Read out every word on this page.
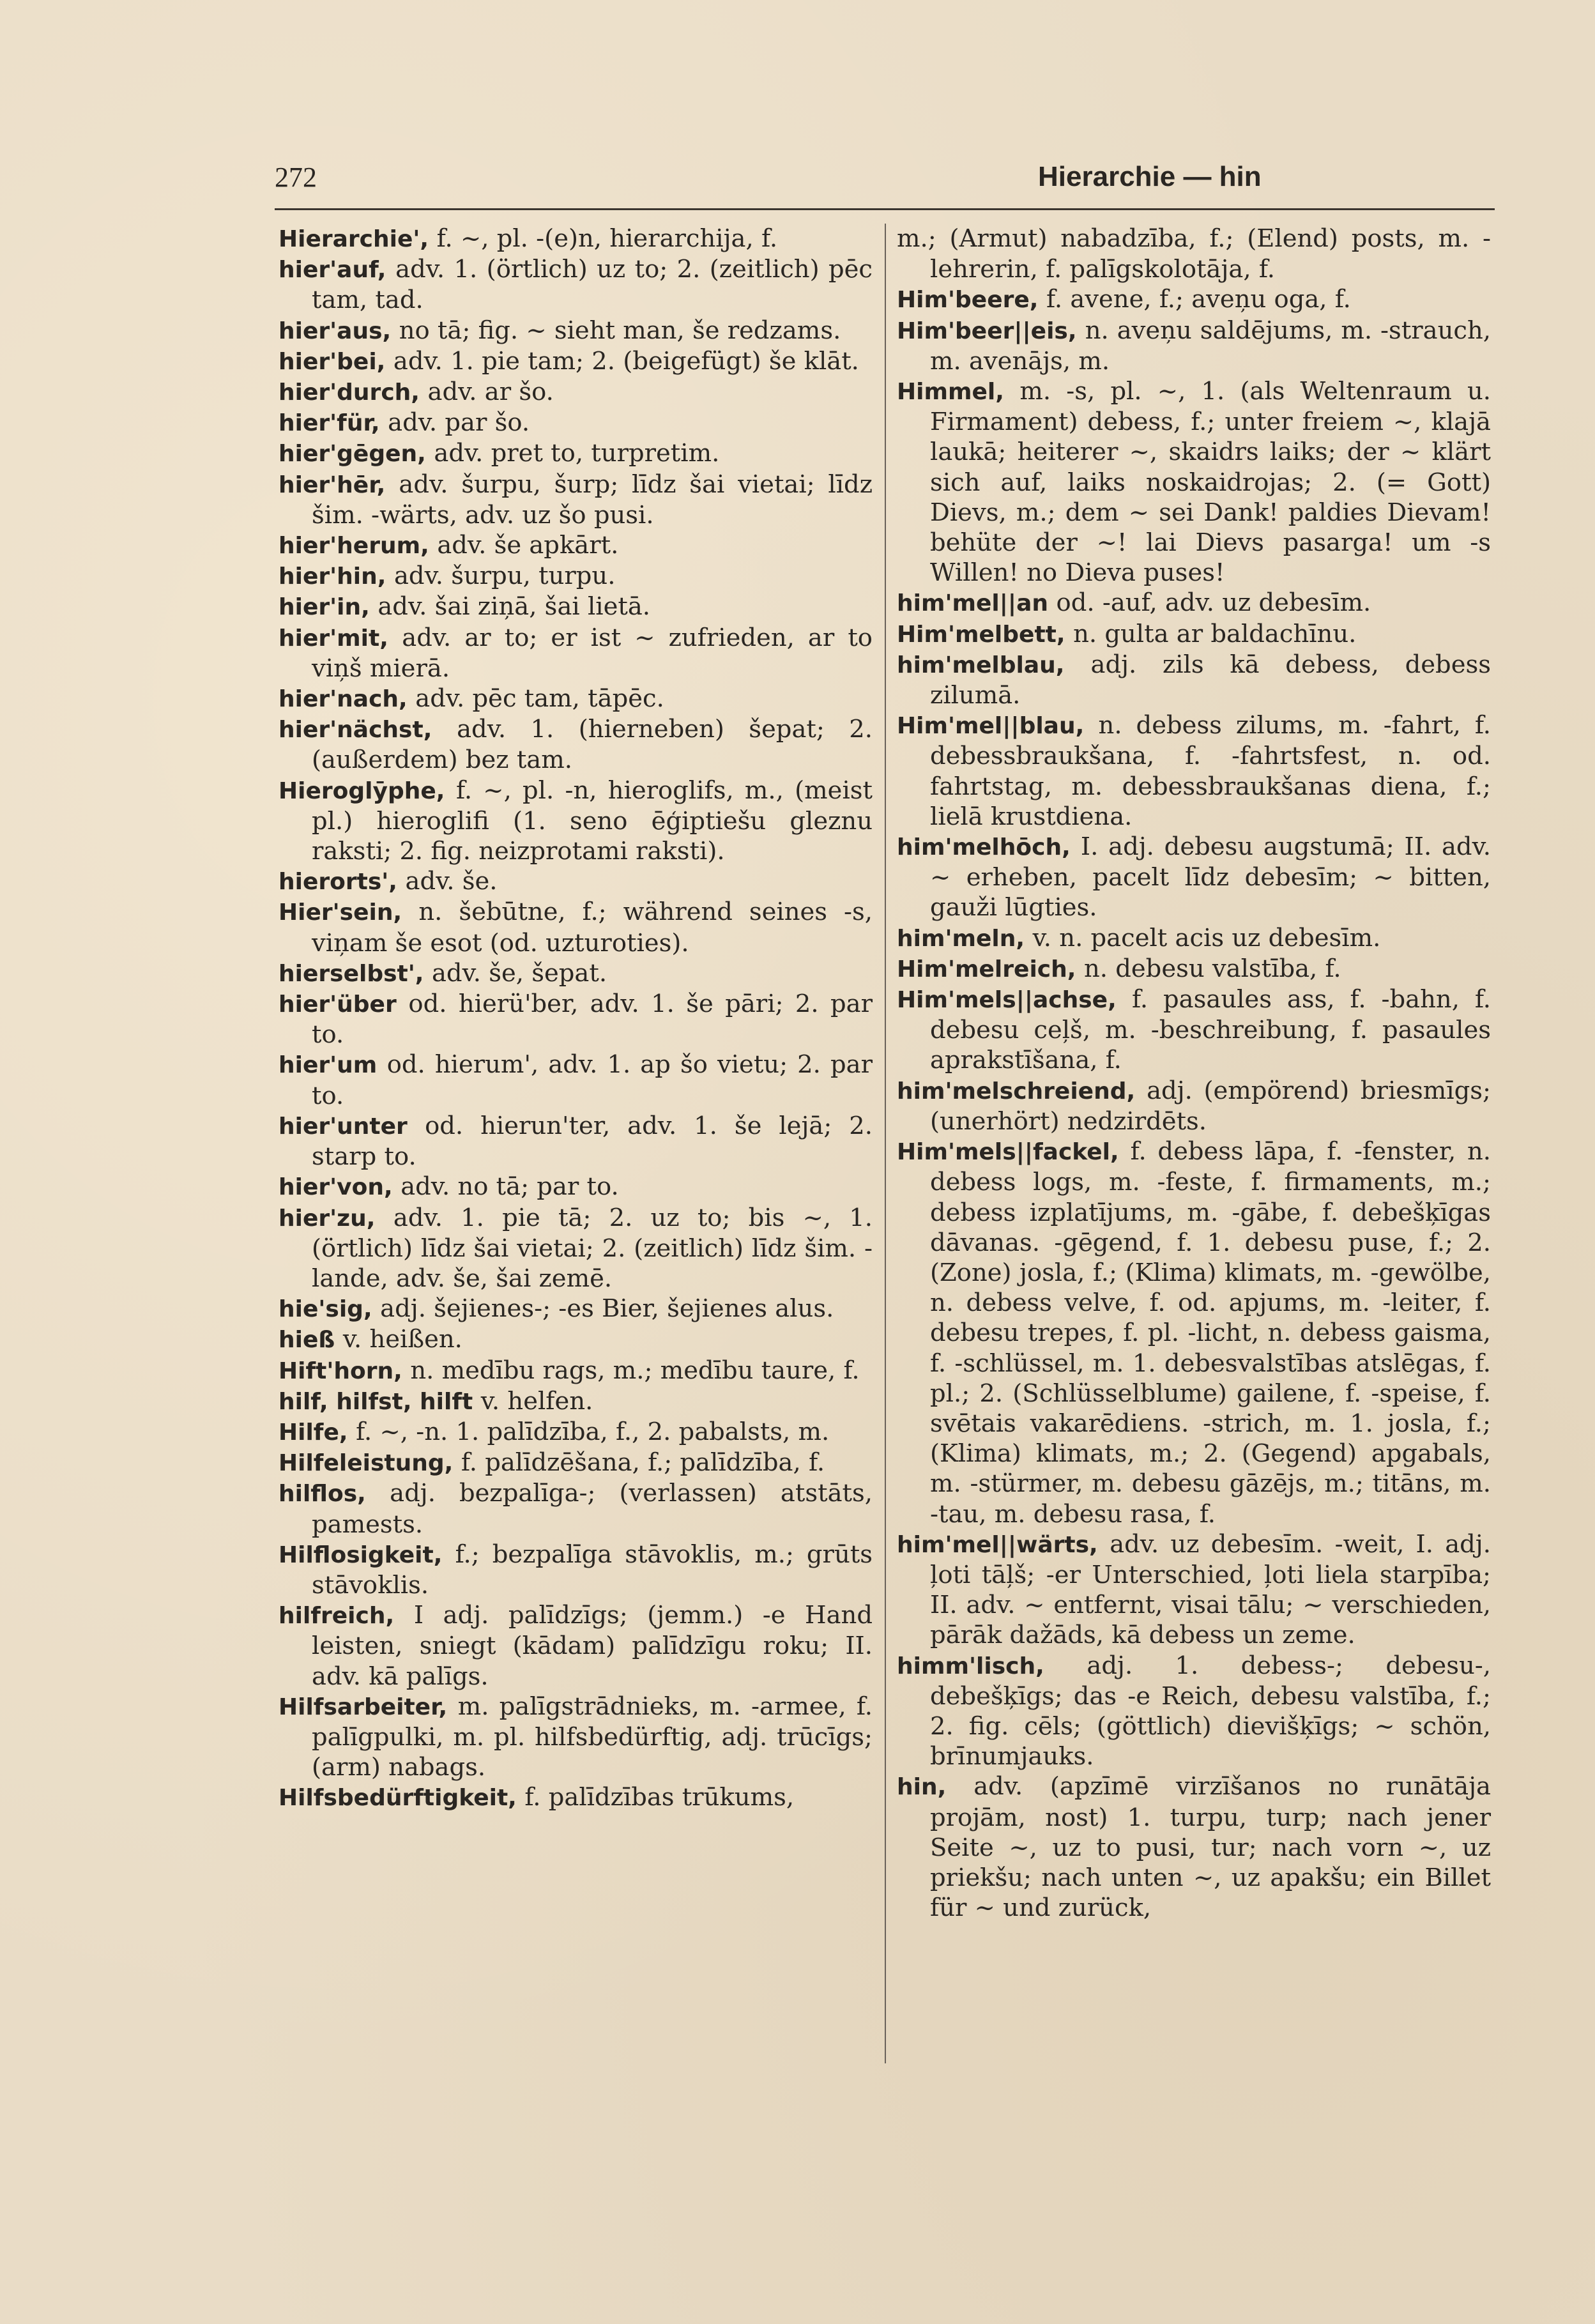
272	Hierarchie — hin
Hierarchie', f. ~, pl. -(e)n, hierarchija, f.
hier'auf, adv. 1. (örtlich) uz to; 2. (zeitlich) pēc tam, tad.
hier'aus, no tā; fig. ~ sieht man, še redzams.
hier'bei, adv. 1. pie tam; 2. (beigefügt) še klāt.
hier'durch, adv. ar šo.
hier'für, adv. par šo.
hier'gēgen, adv. pret to, turpretim.
hier'hēr, adv. šurpu, šurp; līdz šai vietai; līdz šim. -wärts, adv. uz šo pusi.
hier'herum, adv. še apkārt.
hier'hin, adv. šurpu, turpu.
hier'in, adv. šai ziņā, šai lietā.
hier'mit, adv. ar to; er ist ~ zufrieden, ar to viņš mierā.
hier'nach, adv. pēc tam, tāpēc.
hier'nächst, adv. 1. (hierneben) šepat; 2. (außerdem) bez tam.
Hieroglȳphe, f. ~, pl. -n, hieroglifs, m., (meist pl.) hieroglifi (1. seno ēģiptiešu gleznu raksti; 2. fig. neizprotami raksti).
hierorts', adv. še.
Hier'sein, n. šebūtne, f.; während seines -s, viņam še esot (od. uzturoties).
hierselbst', adv. še, šepat.
hier'über od. hierü'ber, adv. 1. še pāri; 2. par to.
hier'um od. hierum', adv. 1. ap šo vietu; 2. par to.
hier'unter od. hierun'ter, adv. 1. še lejā; 2. starp to.
hier'von, adv. no tā; par to.
hier'zu, adv. 1. pie tā; 2. uz to; bis ~, 1. (örtlich) līdz šai vietai; 2. (zeitlich) līdz šim. -lande, adv. še, šai zemē.
hie'sig, adj. šejienes-; -es Bier, šejienes alus.
hieß v. heißen.
Hift'horn, n. medību rags, m.; medību taure, f.
hilf, hilfst, hilft v. helfen.
Hilfe, f. ~, -n. 1. palīdzība, f., 2. pabalsts, m.
Hilfeleistung, f. palīdzēšana, f.; palīdzība, f.
hilflos, adj. bezpalīga-; (verlassen) atstāts, pamests.
Hilflosigkeit, f.; bezpalīga stāvoklis, m.; grūts stāvoklis.
hilfreich, I adj. palīdzīgs; (jemm.) -e Hand leisten, sniegt (kādam) palīdzīgu roku; II. adv. kā palīgs.
Hilfsarbeiter, m. palīgstrādnieks, m. -armee, f. palīgpulki, m. pl. hilfsbedürftig, adj. trūcīgs; (arm) nabags.
Hilfsbedürftigkeit, f. palīdzības trūkums,
m.; (Armut) nabadzība, f.; (Elend) posts, m. -lehrerin, f. palīgskolotāja, f.
Him'beere, f. avene, f.; aveņu oga, f.
Him'beer||eis, n. aveņu saldējums, m. -strauch, m. avenājs, m.
Himmel, m. -s, pl. ~, 1. (als Weltenraum u. Firmament) debess, f.; unter freiem ~, klajā laukā; heiterer ~, skaidrs laiks; der ~ klärt sich auf, laiks noskaidrojas; 2. (= Gott) Dievs, m.; dem ~ sei Dank! paldies Dievam! behüte der ~! lai Dievs pasarga! um -s Willen! no Dieva puses!
him'mel||an od. -auf, adv. uz debesīm.
Him'melbett, n. gulta ar baldachīnu.
him'melblau, adj. zils kā debess, debess zilumā.
Him'mel||blau, n. debess zilums, m. -fahrt, f. debessbraukšana, f. -fahrtsfest, n. od. fahrtstag, m. debessbraukšanas diena, f.; lielā krustdiena.
him'melhōch, I. adj. debesu augstumā; II. adv. ~ erheben, pacelt līdz debesīm; ~ bitten, gauži lūgties.
him'meln, v. n. pacelt acis uz debesīm.
Him'melreich, n. debesu valstība, f.
Him'mels||achse, f. pasaules ass, f. -bahn, f. debesu ceļš, m. -beschreibung, f. pasaules aprakstīšana, f.
him'melschreiend, adj. (empörend) briesmīgs; (unerhört) nedzirdēts.
Him'mels||fackel, f. debess lāpa, f. -fenster, n. debess logs, m. -feste, f. firmaments, m.; debess izplatījums, m. -gābe, f. debešķīgas dāvanas. -gēgend, f. 1. debesu puse, f.; 2. (Zone) josla, f.; (Klima) klimats, m. -gewölbe, n. debess velve, f. od. apjums, m. -leiter, f. debesu trepes, f. pl. -licht, n. debess gaisma, f. -schlüssel, m. 1. debesvalstības atslēgas, f. pl.; 2. (Schlüsselblume) gailene, f. -speise, f. svētais vakarēdiens. -strich, m. 1. josla, f.; (Klima) klimats, m.; 2. (Gegend) apgabals, m. -stürmer, m. debesu gāzējs, m.; titāns, m. -tau, m. debesu rasa, f.
him'mel||wärts, adv. uz debesīm. -weit, I. adj. ļoti tāļš; -er Unterschied, ļoti liela starpība; II. adv. ~ entfernt, visai tālu; ~ verschieden, pārāk dažāds, kā debess un zeme.
himm'lisch, adj. 1. debess-; debesu-, debešķīgs; das -e Reich, debesu valstība, f.; 2. fig. cēls; (göttlich) dievišķīgs; ~ schön, brīnumjauks.
hin, adv. (apzīmē virzīšanos no runātāja projām, nost) 1. turpu, turp; nach jener Seite ~, uz to pusi, tur; nach vorn ~, uz priekšu; nach unten ~, uz apakšu; ein Billet für ~ und zurück,
